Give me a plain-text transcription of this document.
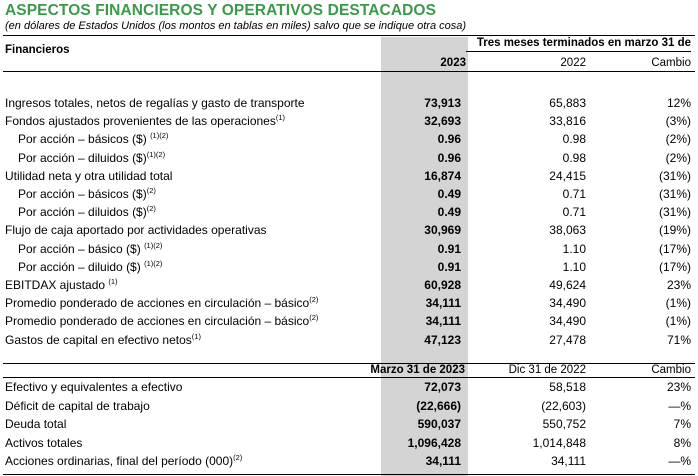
ASPECTOS FINANCIEROS Y OPERATIVOS DESTACADOS
(en dólares de Estados Unidos (los montos en tablas en miles) salvo que se indique otra cosa)
Financieros
Tres meses terminados en marzo 31 de
2023	2022	Cambio
Ingresos totales, netos de regalías y gasto de transporte	73,913	65,883	12%
Fondos ajustados provenientes de las operaciones$^{(1)}$	32,693	33,816	(3%)
Por acción – básicos ($) $^{(1)(2)}$	0.96	0.98	(2%)
Por acción – diluidos ($)$^{(1)(2)}$	0.96	0.98	(2%)
Utilidad neta y otra utilidad total	16,874	24,415	(31%)
Por acción – básicos ($)$^{(2)}$	0.49	0.71	(31%)
Por acción – diluidos ($)$^{(2)}$	0.49	0.71	(31%)
Flujo de caja aportado por actividades operativas	30,969	38,063	(19%)
Por acción – básico ($) $^{(1)(2)}$	0.91	1.10	(17%)
Por acción – diluido ($) $^{(1)(2)}$	0.91	1.10	(17%)
EBITDAX ajustado $^{(1)}$	60,928	49,624	23%
Promedio ponderado de acciones en circulación – básico$^{(2)}$	34,111	34,490	(1%)
Promedio ponderado de acciones en circulación – básico$^{(2)}$	34,111	34,490	(1%)
Gastos de capital en efectivo netos$^{(1)}$	47,123	27,478	71%
Marzo 31 de 2023	Dic 31 de 2022	Cambio
Efectivo y equivalentes a efectivo	72,073	58,518	23%
Déficit de capital de trabajo	(22,666)	(22,603)	—%
Deuda total	590,037	550,752	7%
Activos totales	1,096,428	1,014,848	8%
Acciones ordinarias, final del período $(000)^{(2)}$	34,111	34,111	—%
